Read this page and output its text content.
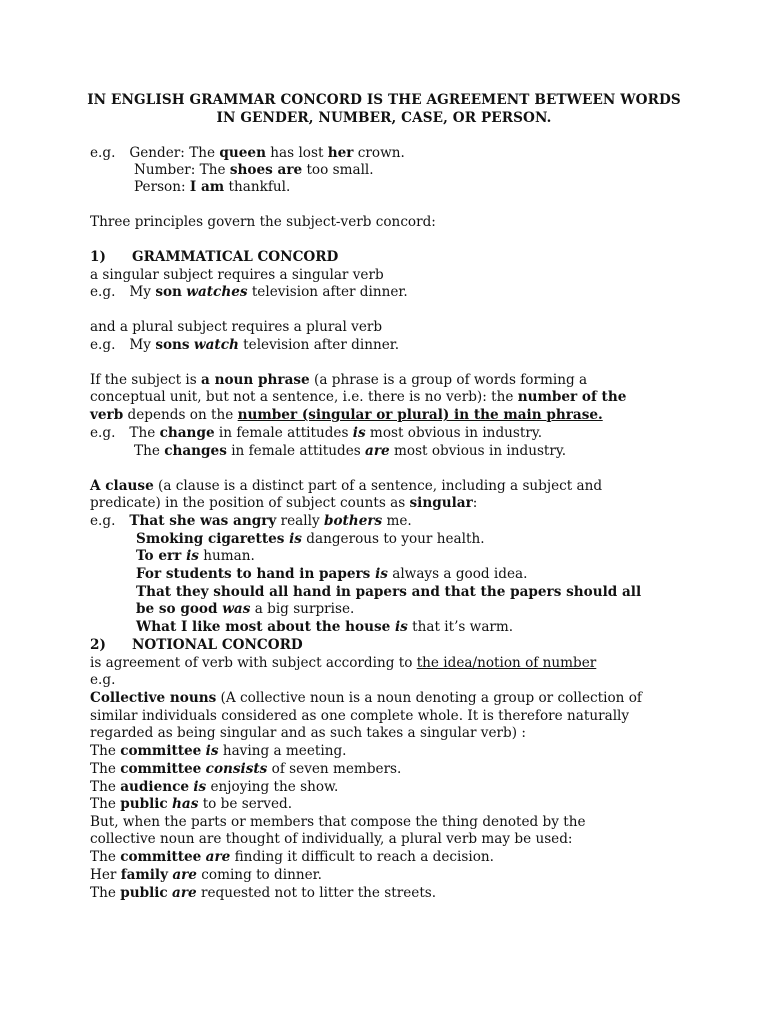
IN ENGLISH GRAMMAR CONCORD IS THE AGREEMENT BETWEEN WORDS
IN GENDER, NUMBER, CASE, OR PERSON.
e.g. Gender: The queen has lost her crown.
Number: The shoes are too small.
Person: I am thankful.
Three principles govern the subject-verb concord:
1) GRAMMATICAL CONCORD
a singular subject requires a singular verb
e.g. My son watches television after dinner.
and a plural subject requires a plural verb
e.g. My sons watch television after dinner.
If the subject is a noun phrase (a phrase is a group of words forming a
conceptual unit, but not a sentence, i.e. there is no verb): the number of the
verb depends on the number (singular or plural) in the main phrase.
e.g. The change in female attitudes is most obvious in industry.
The changes in female attitudes are most obvious in industry.
A clause (a clause is a distinct part of a sentence, including a subject and
predicate) in the position of subject counts as singular:
e.g. That she was angry really bothers me.
Smoking cigarettes is dangerous to your health.
To err is human.
For students to hand in papers is always a good idea.
That they should all hand in papers and that the papers should all
be so good was a big surprise.
What I like most about the house is that it’s warm.
2) NOTIONAL CONCORD
is agreement of verb with subject according to the idea/notion of number
e.g.
Collective nouns (A collective noun is a noun denoting a group or collection of
similar individuals considered as one complete whole. It is therefore naturally
regarded as being singular and as such takes a singular verb) :
The committee is having a meeting.
The committee consists of seven members.
The audience is enjoying the show.
The public has to be served.
But, when the parts or members that compose the thing denoted by the
collective noun are thought of individually, a plural verb may be used:
The committee are finding it difficult to reach a decision.
Her family are coming to dinner.
The public are requested not to litter the streets.
